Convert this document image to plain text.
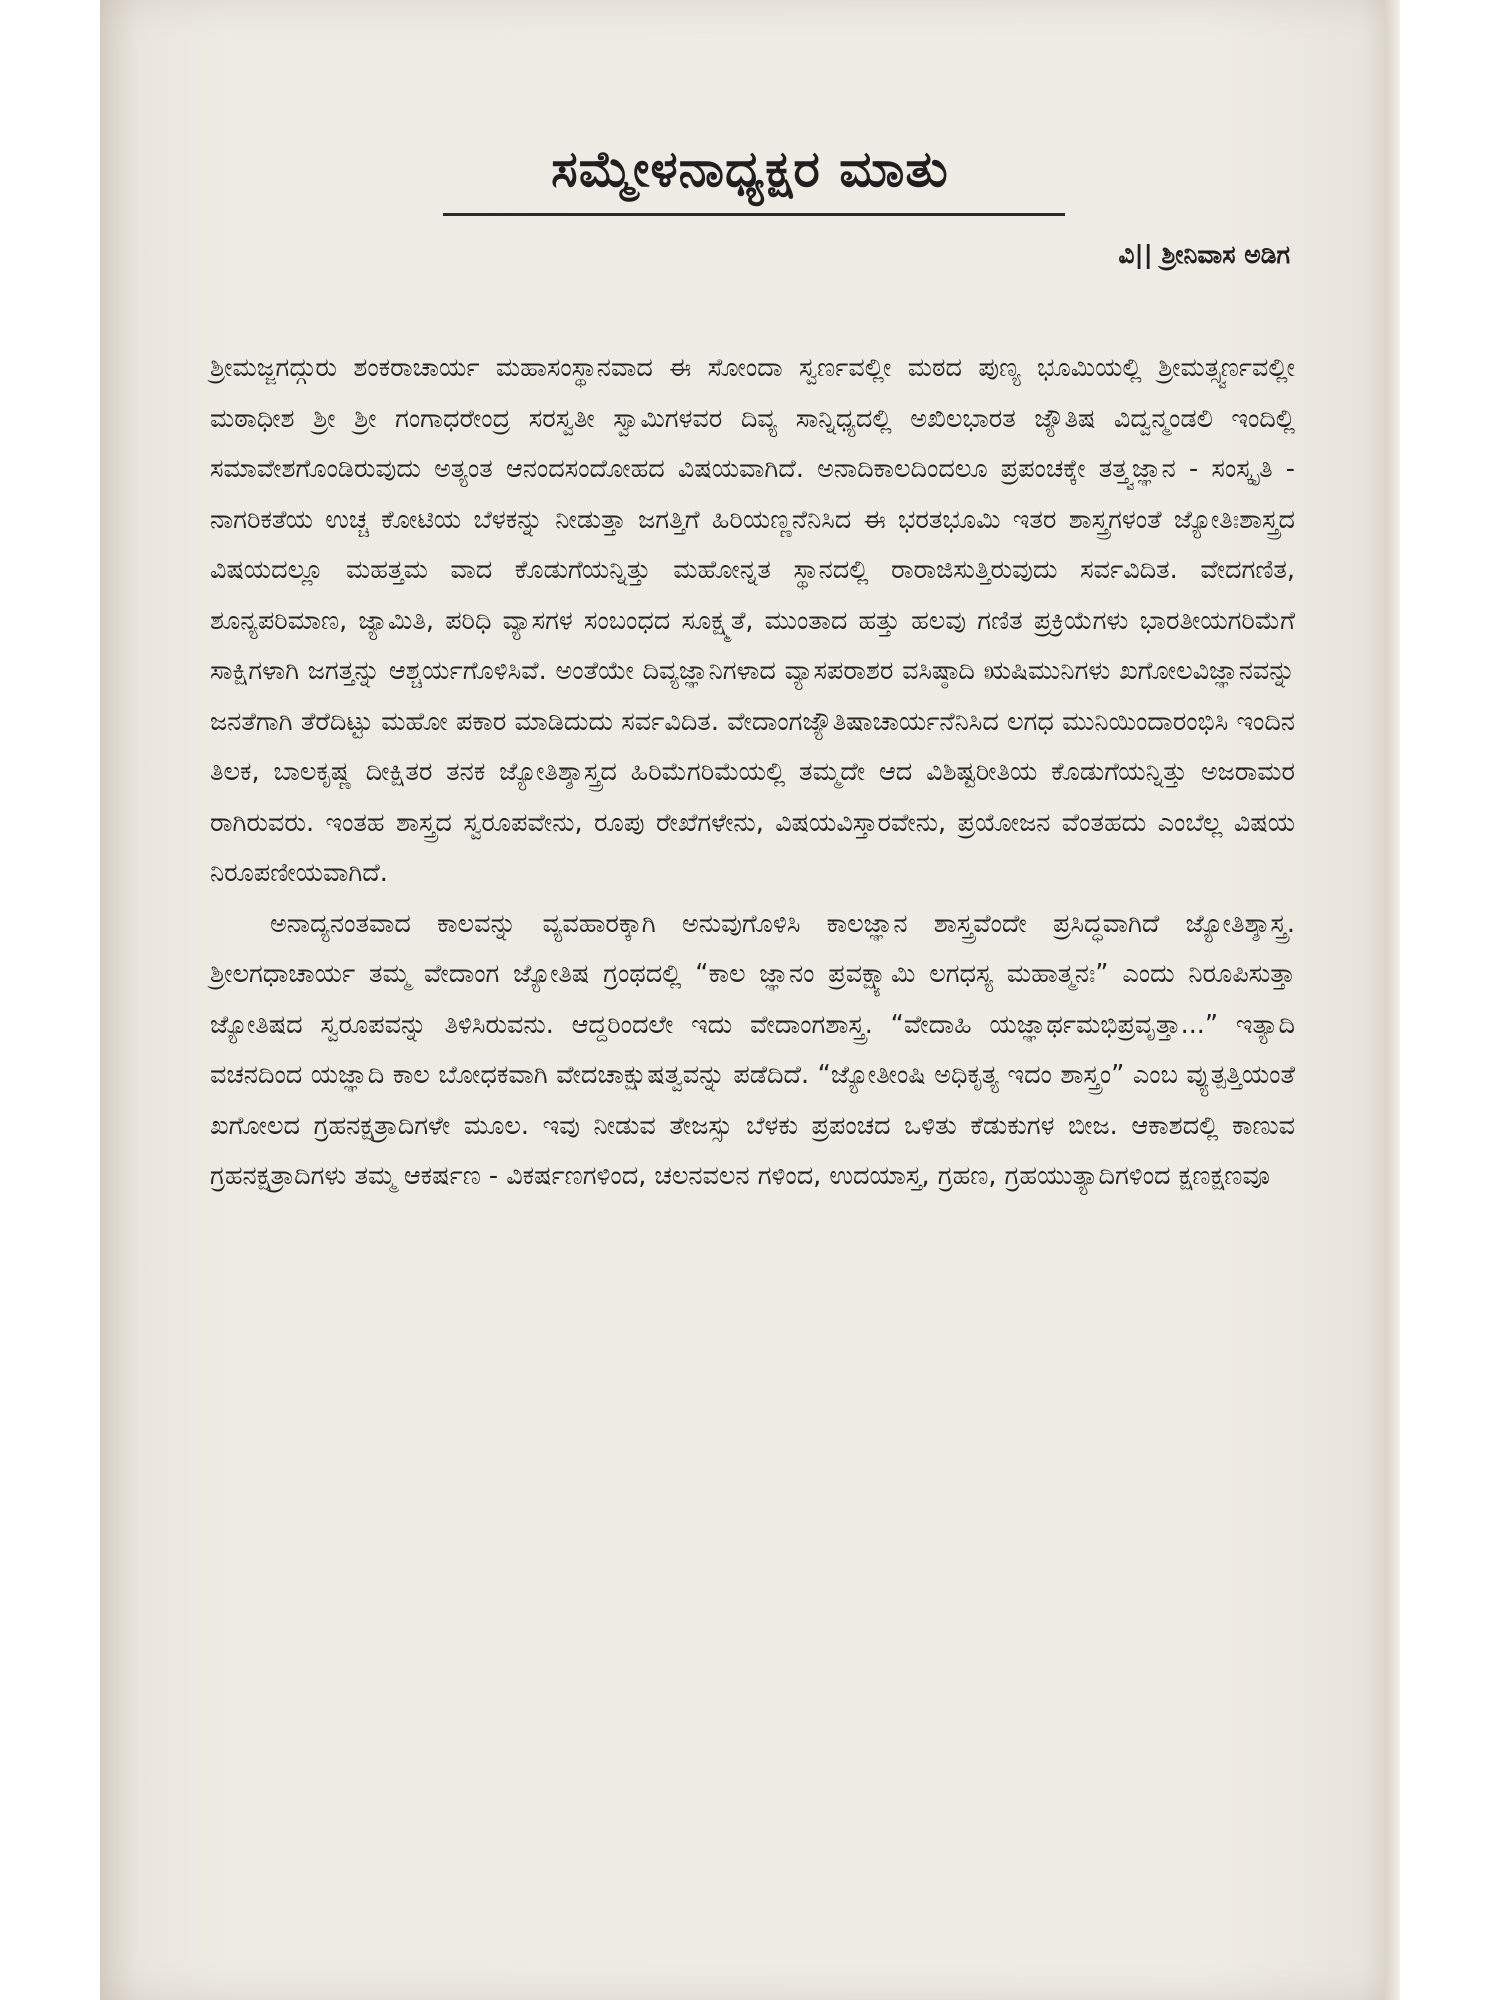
ಸಮ್ಮೇಳನಾಧ್ಯಕ್ಷರ ಮಾತು
ವಿ|| ಶ್ರೀನಿವಾಸ ಅಡಿಗ

ಶ್ರೀಮಜ್ಜಗದ್ಗುರು ಶಂಕರಾಚಾರ್ಯ ಮಹಾಸಂಸ್ಥಾನವಾದ ಈ ಸೋಂದಾ ಸ್ವರ್ಣವಲ್ಲೀ ಮಠದ ಪುಣ್ಯ ಭೂಮಿಯಲ್ಲಿ ಶ್ರೀಮತ್ಸ್ವರ್ಣವಲ್ಲೀ ಮಠಾಧೀಶ ಶ್ರೀ ಶ್ರೀ ಗಂಗಾಧರೇಂದ್ರ ಸರಸ್ವತೀ ಸ್ವಾಮಿಗಳವರ ದಿವ್ಯ ಸಾನ್ನಿಧ್ಯದಲ್ಲಿ ಅಖಿಲಭಾರತ ಜ್ಯೌತಿಷ ವಿದ್ವನ್ಮಂಡಲಿ ಇಂದಿಲ್ಲಿ ಸಮಾವೇಶಗೊಂಡಿರುವುದು ಅತ್ಯಂತ ಆನಂದಸಂದೋಹದ ವಿಷಯವಾಗಿದೆ. ಅನಾದಿಕಾಲದಿಂದಲೂ ಪ್ರಪಂಚಕ್ಕೇ ತತ್ತ್ವಜ್ಞಾನ - ಸಂಸ್ಕೃತಿ - ನಾಗರಿಕತೆಯ ಉಚ್ಚ ಕೋಟಿಯ ಬೆಳಕನ್ನು ನೀಡುತ್ತಾ ಜಗತ್ತಿಗೆ ಹಿರಿಯಣ್ಣನೆನಿಸಿದ ಈ ಭರತಭೂಮಿ ಇತರ ಶಾಸ್ತ್ರಗಳಂತೆ ಜ್ಯೋತಿಃಶಾಸ್ತ್ರದ ವಿಷಯದಲ್ಲೂ ಮಹತ್ತಮ ವಾದ ಕೊಡುಗೆಯನ್ನಿತ್ತು ಮಹೋನ್ನತ ಸ್ಥಾನದಲ್ಲಿ ರಾರಾಜಿಸುತ್ತಿರುವುದು ಸರ್ವವಿದಿತ. ವೇದಗಣಿತ, ಶೂನ್ಯಪರಿಮಾಣ, ಜ್ಯಾಮಿತಿ, ಪರಿಧಿ ವ್ಯಾಸಗಳ ಸಂಬಂಧದ ಸೂಕ್ಷ್ಮತೆ, ಮುಂತಾದ ಹತ್ತು ಹಲವು ಗಣಿತ ಪ್ರಕ್ರಿಯೆಗಳು ಭಾರತೀಯಗರಿಮೆಗೆ ಸಾಕ್ಷಿಗಳಾಗಿ ಜಗತ್ತನ್ನು ಆಶ್ಚರ್ಯಗೊಳಿಸಿವೆ. ಅಂತೆಯೇ ದಿವ್ಯಜ್ಞಾನಿಗಳಾದ ವ್ಯಾಸಪರಾಶರ ವಸಿಷ್ಠಾದಿ ಋಷಿಮುನಿಗಳು ಖಗೋಲವಿಜ್ಞಾನವನ್ನು ಜನತೆಗಾಗಿ ತೆರೆದಿಟ್ಟು ಮಹೋ ಪಕಾರ ಮಾಡಿದುದು ಸರ್ವವಿದಿತ. ವೇದಾಂಗಜ್ಯೌತಿಷಾಚಾರ್ಯನೆನಿಸಿದ ಲಗಧ ಮುನಿಯಿಂದಾರಂಭಿಸಿ ಇಂದಿನ ತಿಲಕ, ಬಾಲಕೃಷ್ಣ ದೀಕ್ಷಿತರ ತನಕ ಜ್ಯೋತಿಶ್ಶಾಸ್ತ್ರದ ಹಿರಿಮೆಗರಿಮೆಯಲ್ಲಿ ತಮ್ಮದೇ ಆದ ವಿಶಿಷ್ಟರೀತಿಯ ಕೊಡುಗೆಯನ್ನಿತ್ತು ಅಜರಾಮರ ರಾಗಿರುವರು. ಇಂತಹ ಶಾಸ್ತ್ರದ ಸ್ವರೂಪವೇನು, ರೂಪು ರೇಖೆಗಳೇನು, ವಿಷಯವಿಸ್ತಾರವೇನು, ಪ್ರಯೋಜನ ವೆಂತಹದು ಎಂಬೆಲ್ಲ ವಿಷಯ ನಿರೂಪಣೀಯವಾಗಿದೆ.

ಅನಾದ್ಯನಂತವಾದ ಕಾಲವನ್ನು ವ್ಯವಹಾರಕ್ಕಾಗಿ ಅನುವುಗೊಳಿಸಿ ಕಾಲಜ್ಞಾನ ಶಾಸ್ತ್ರವೆಂದೇ ಪ್ರಸಿದ್ಧವಾಗಿದೆ ಜ್ಯೋತಿಶ್ಶಾಸ್ತ್ರ. ಶ್ರೀಲಗಧಾಚಾರ್ಯ ತಮ್ಮ ವೇದಾಂಗ ಜ್ಯೋತಿಷ ಗ್ರಂಥದಲ್ಲಿ “ಕಾಲ ಜ್ಞಾನಂ ಪ್ರವಕ್ಷ್ಯಾಮಿ ಲಗಧಸ್ಯ ಮಹಾತ್ಮನಃ” ಎಂದು ನಿರೂಪಿಸುತ್ತಾ ಜ್ಯೋತಿಷದ ಸ್ವರೂಪವನ್ನು ತಿಳಿಸಿರುವನು. ಆದ್ದರಿಂದಲೇ ಇದು ವೇದಾಂಗಶಾಸ್ತ್ರ. “ವೇದಾಹಿ ಯಜ್ಞಾರ್ಥಮಭಿಪ್ರವೃತ್ತಾ...” ಇತ್ಯಾದಿ ವಚನದಿಂದ ಯಜ್ಞಾದಿ ಕಾಲ ಬೋಧಕವಾಗಿ ವೇದಚಾಕ್ಷುಷತ್ವವನ್ನು ಪಡೆದಿದೆ. “ಜ್ಯೋತೀಂಷಿ ಅಧಿಕೃತ್ಯ ಇದಂ ಶಾಸ್ತ್ರಂ” ಎಂಬ ವ್ಯುತ್ಪತ್ತಿಯಂತೆ ಖಗೋಲದ ಗ್ರಹನಕ್ಷತ್ರಾದಿಗಳೇ ಮೂಲ. ಇವು ನೀಡುವ ತೇಜಸ್ಸು ಬೆಳಕು ಪ್ರಪಂಚದ ಒಳಿತು ಕೆಡುಕುಗಳ ಬೀಜ. ಆಕಾಶದಲ್ಲಿ ಕಾಣುವ ಗ್ರಹನಕ್ಷತ್ರಾದಿಗಳು ತಮ್ಮ ಆಕರ್ಷಣ - ವಿಕರ್ಷಣಗಳಿಂದ, ಚಲನವಲನ ಗಳಿಂದ, ಉದಯಾಸ್ತ, ಗ್ರಹಣ, ಗ್ರಹಯುತ್ಯಾದಿಗಳಿಂದ ಕ್ಷಣಕ್ಷಣವೂ
